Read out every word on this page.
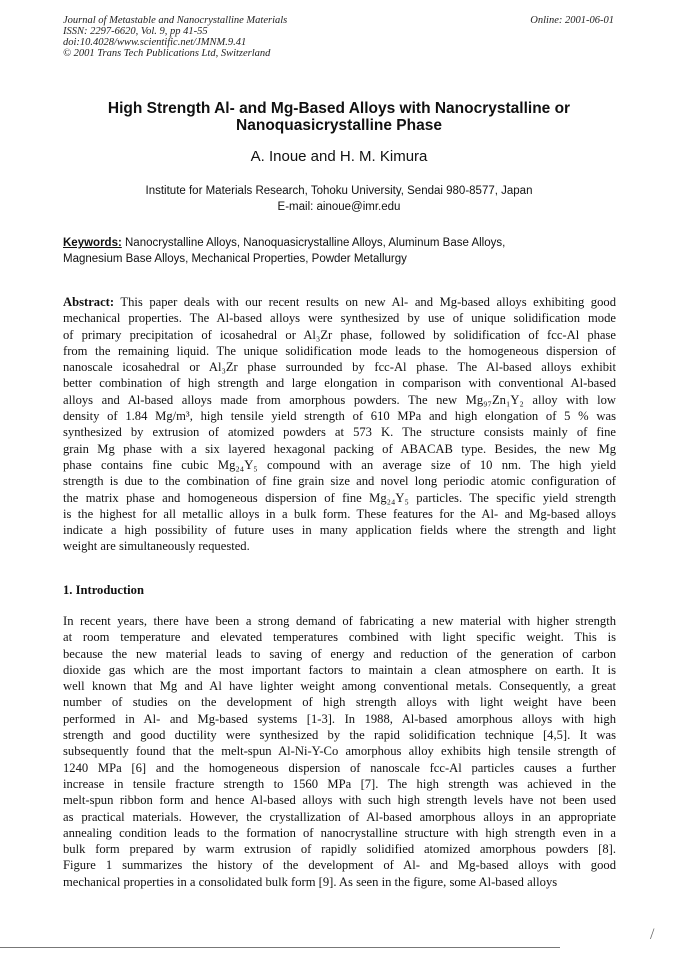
Journal of Metastable and Nanocrystalline Materials
ISSN: 2297-6620, Vol. 9, pp 41-55
doi:10.4028/www.scientific.net/JMNM.9.41
© 2001 Trans Tech Publications Ltd, Switzerland
Online: 2001-06-01
High Strength Al- and Mg-Based Alloys with Nanocrystalline or
Nanoquasicrystalline Phase
A. Inoue and H. M. Kimura
Institute for Materials Research, Tohoku University, Sendai 980-8577, Japan
E-mail: ainoue@imr.edu
Keywords: Nanocrystalline Alloys, Nanoquasicrystalline Alloys, Aluminum Base Alloys,
Magnesium Base Alloys, Mechanical Properties, Powder Metallurgy
Abstract: This paper deals with our recent results on new Al- and Mg-based alloys exhibiting good
mechanical properties. The Al-based alloys were synthesized by use of unique solidification mode
of primary precipitation of icosahedral or Al₃Zr phase, followed by solidification of fcc-Al phase
from the remaining liquid. The unique solidification mode leads to the homogeneous dispersion of
nanoscale icosahedral or Al₃Zr phase surrounded by fcc-Al phase. The Al-based alloys exhibit
better combination of high strength and large elongation in comparison with conventional Al-based
alloys and Al-based alloys made from amorphous powders. The new Mg₉₇Zn₁Y₂ alloy with low
density of 1.84 Mg/m³, high tensile yield strength of 610 MPa and high elongation of 5 % was
synthesized by extrusion of atomized powders at 573 K. The structure consists mainly of fine
grain Mg phase with a six layered hexagonal packing of ABACAB type. Besides, the new Mg
phase contains fine cubic Mg₂₄Y₅ compound with an average size of 10 nm. The high yield
strength is due to the combination of fine grain size and novel long periodic atomic configuration of
the matrix phase and homogeneous dispersion of fine Mg₂₄Y₅ particles. The specific yield strength
is the highest for all metallic alloys in a bulk form. These features for the Al- and Mg-based alloys
indicate a high possibility of future uses in many application fields where the strength and light
weight are simultaneously requested.
1. Introduction
In recent years, there have been a strong demand of fabricating a new material with higher strength
at room temperature and elevated temperatures combined with light specific weight. This is
because the new material leads to saving of energy and reduction of the generation of carbon
dioxide gas which are the most important factors to maintain a clean atmosphere on earth. It is
well known that Mg and Al have lighter weight among conventional metals. Consequently, a great
number of studies on the development of high strength alloys with light weight have been
performed in Al- and Mg-based systems [1-3]. In 1988, Al-based amorphous alloys with high
strength and good ductility were synthesized by the rapid solidification technique [4,5]. It was
subsequently found that the melt-spun Al-Ni-Y-Co amorphous alloy exhibits high tensile strength of
1240 MPa [6] and the homogeneous dispersion of nanoscale fcc-Al particles causes a further
increase in tensile fracture strength to 1560 MPa [7]. The high strength was achieved in the
melt-spun ribbon form and hence Al-based alloys with such high strength levels have not been used
as practical materials. However, the crystallization of Al-based amorphous alloys in an appropriate
annealing condition leads to the formation of nanocrystalline structure with high strength even in a
bulk form prepared by warm extrusion of rapidly solidified atomized amorphous powders [8].
Figure 1 summarizes the history of the development of Al- and Mg-based alloys with good
mechanical properties in a consolidated bulk form [9]. As seen in the figure, some Al-based alloys
/
